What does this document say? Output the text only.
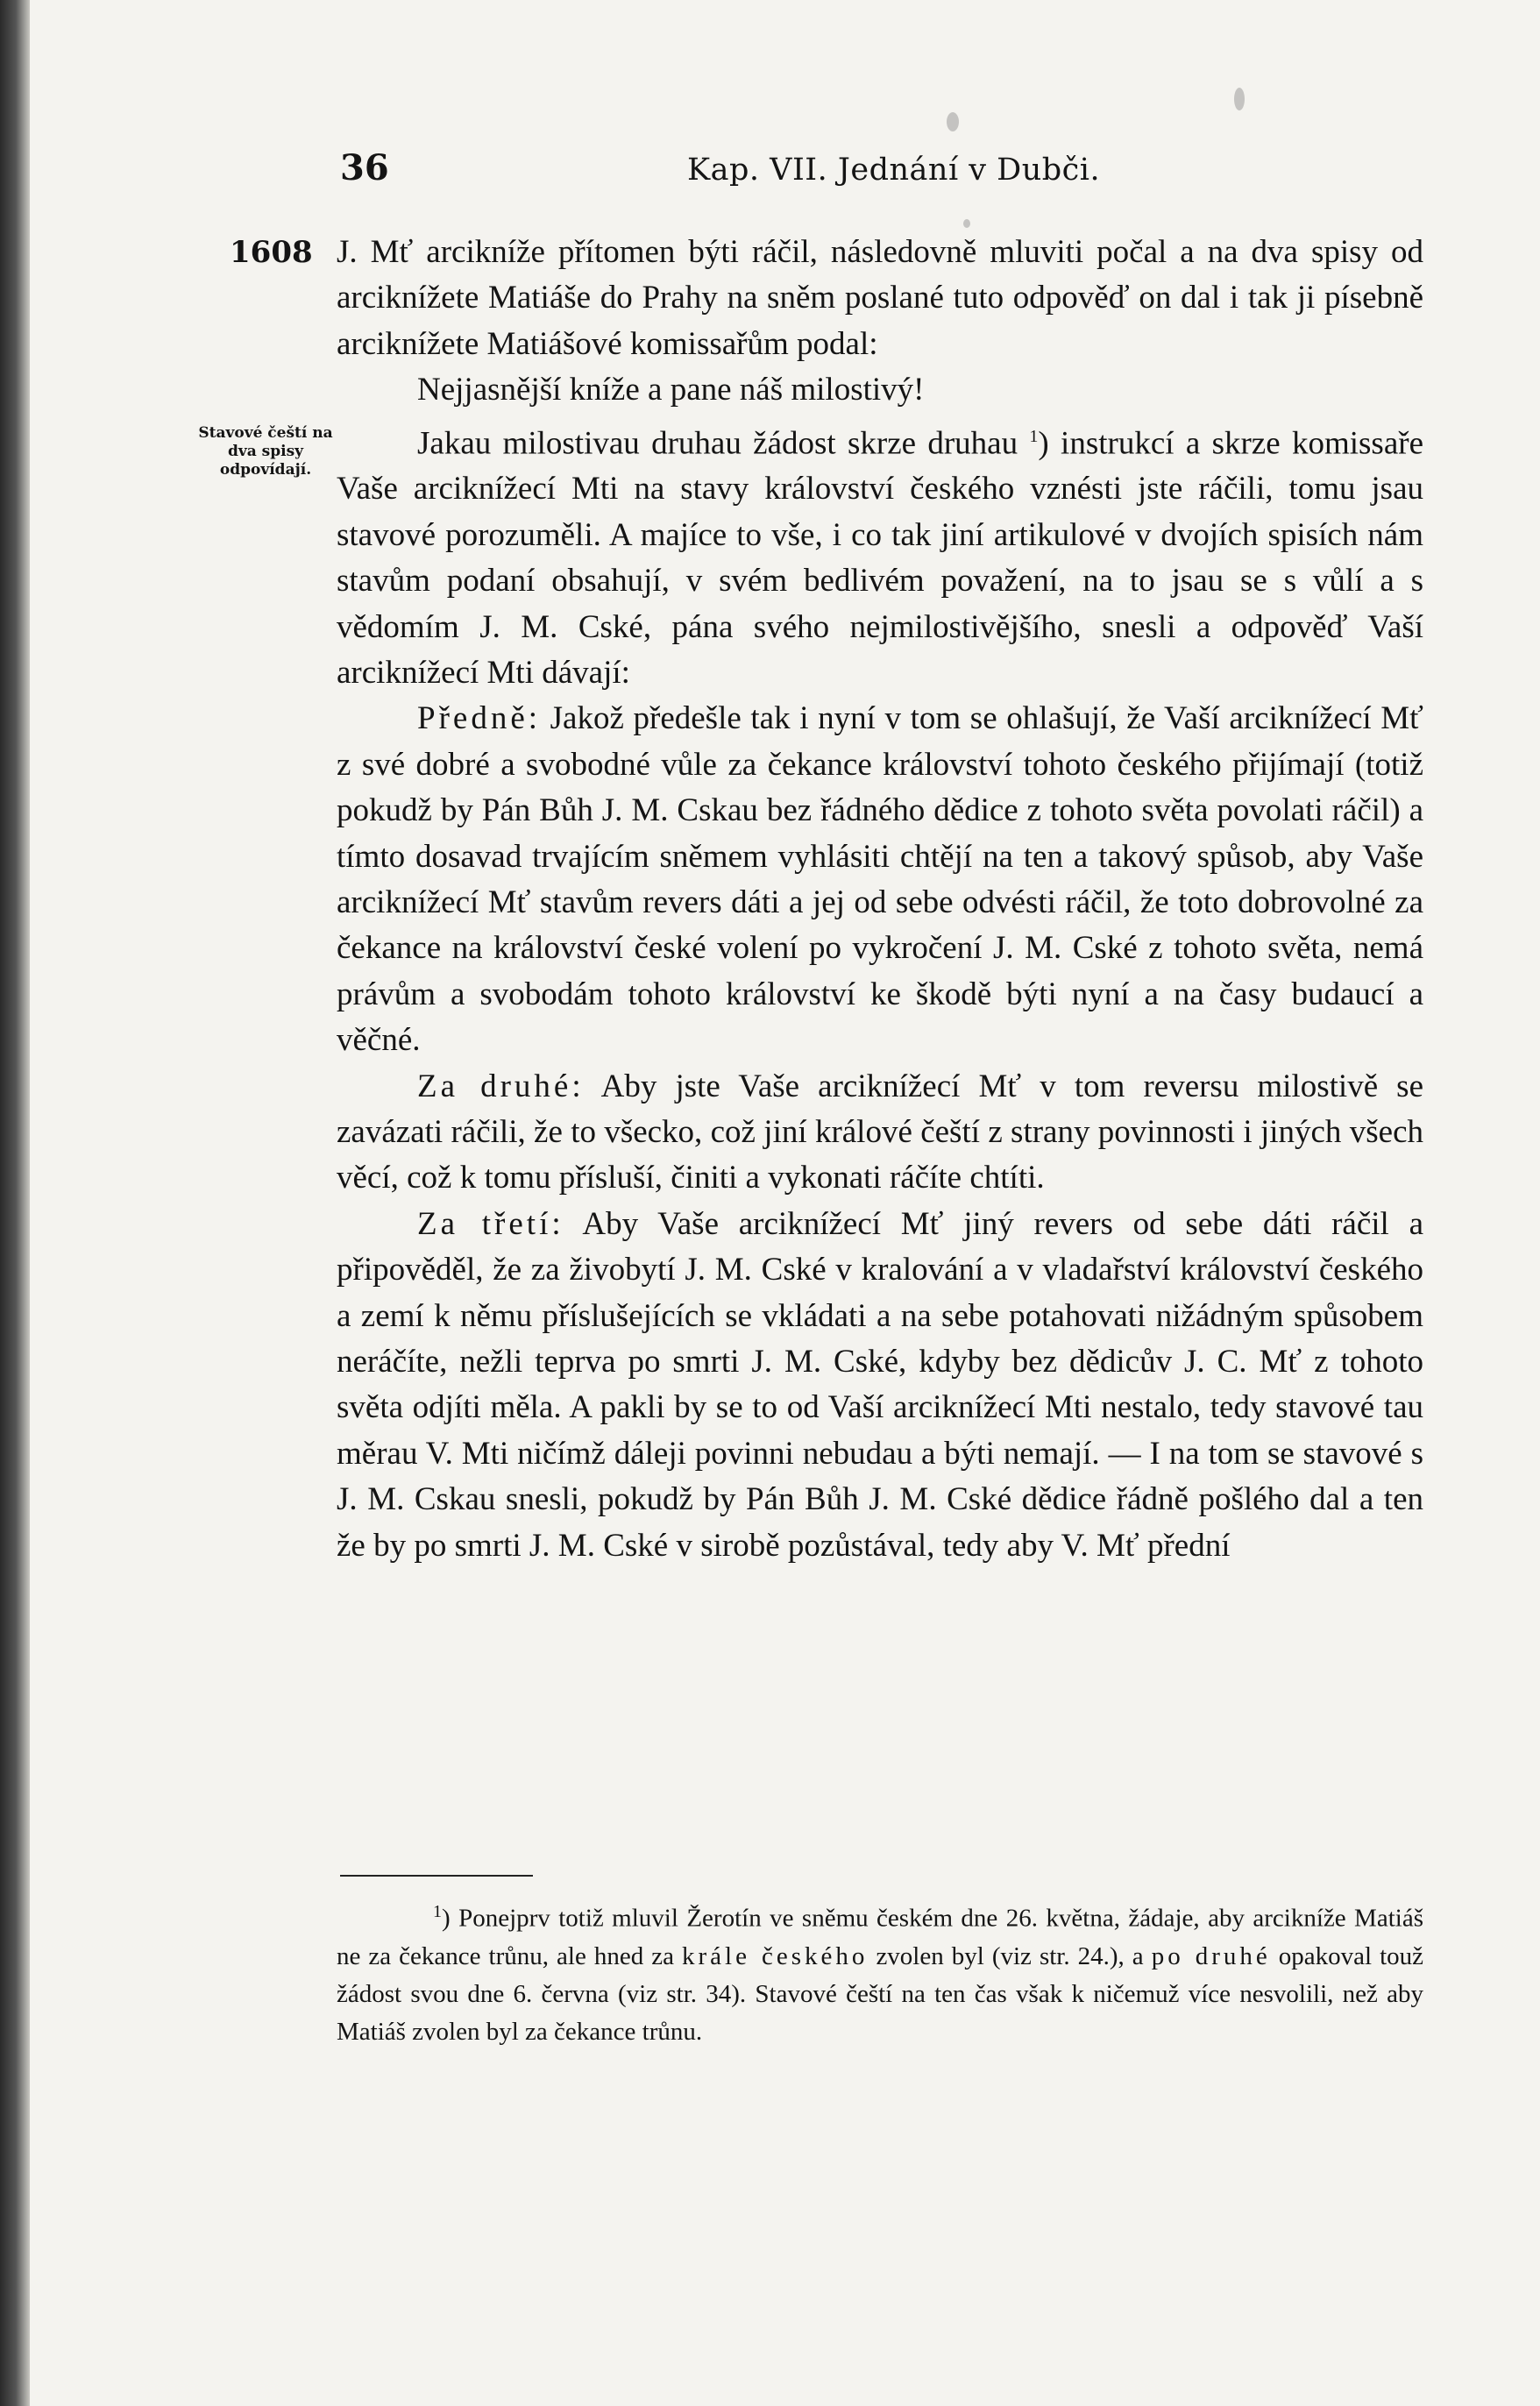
36	Kap. VII. Jednání v Dubči.
1608
Stavové čeští na dva spisy odpovídají.

J. Mť arcikníže přítomen býti ráčil, následovně mluviti počal a na dva spisy od arciknížete Matiáše do Prahy na sněm poslané tuto odpověď on dal i tak ji písebně arciknížete Matiášové komissařům podal:

Nejjasnější kníže a pane náš milostivý!

Jakau milostivau druhau žádost skrze druhau $^1$) instrukcí a skrze komissaře Vaše arciknížecí Mti na stavy království českého vznésti jste ráčili, tomu jsau stavové porozuměli. A majíce to vše, i co tak jiní artikulové v dvojích spisích nám stavům podaní obsahují, v svém bedlivém považení, na to jsau se s vůlí a s vědomím J. M. Cské, pána svého nejmilostivějšího, snesli a odpověď Vaší arciknížecí Mti dávají:

Předně: Jakož předešle tak i nyní v tom se ohlašují, že Vaší arciknížecí Mť z své dobré a svobodné vůle za čekance království tohoto českého přijímají (totiž pokudž by Pán Bůh J. M. Cskau bez řádného dědice z tohoto světa povolati ráčil) a tímto dosavad trvajícím sněmem vyhlásiti chtějí na ten a takový spůsob, aby Vaše arciknížecí Mť stavům revers dáti a jej od sebe odvésti ráčil, že toto dobrovolné za čekance na království české volení po vykročení J. M. Cské z tohoto světa, nemá právům a svobodám tohoto království ke škodě býti nyní a na časy budaucí a věčné.

Za druhé: Aby jste Vaše arciknížecí Mť v tom reversu milostivě se zavázati ráčili, že to všecko, což jiní králové čeští z strany povinnosti i jiných všech věcí, což k tomu přísluší, činiti a vykonati ráčíte chtíti.

Za třetí: Aby Vaše arciknížecí Mť jiný revers od sebe dáti ráčil a připověděl, že za živobytí J. M. Cské v kralování a v vladařství království českého a zemí k němu příslušejících se vkládati a na sebe potahovati nižádným spůsobem neráčíte, nežli teprva po smrti J. M. Cské, kdyby bez dědicův J. C. Mť z tohoto světa odjíti měla. A pakli by se to od Vaší arciknížecí Mti nestalo, tedy stavové tau měrau V. Mti ničímž dáleji povinni nebudau a býti nemají. — I na tom se stavové s J. M. Cskau snesli, pokudž by Pán Bůh J. M. Cské dědice řádně pošlého dal a ten že by po smrti J. M. Cské v sirobě pozůstával, tedy aby V. Mť přední

$^1$) Ponejprv totiž mluvil Žerotín ve sněmu českém dne 26. května, žádaje, aby arcikníže Matiáš ne za čekance trůnu, ale hned za krále českého zvolen byl (viz str. 24.), a po druhé opakoval touž žádost svou dne 6. června (viz str. 34). Stavové čeští na ten čas však k ničemuž více nesvolili, než aby Matiáš zvolen byl za čekance trůnu.
